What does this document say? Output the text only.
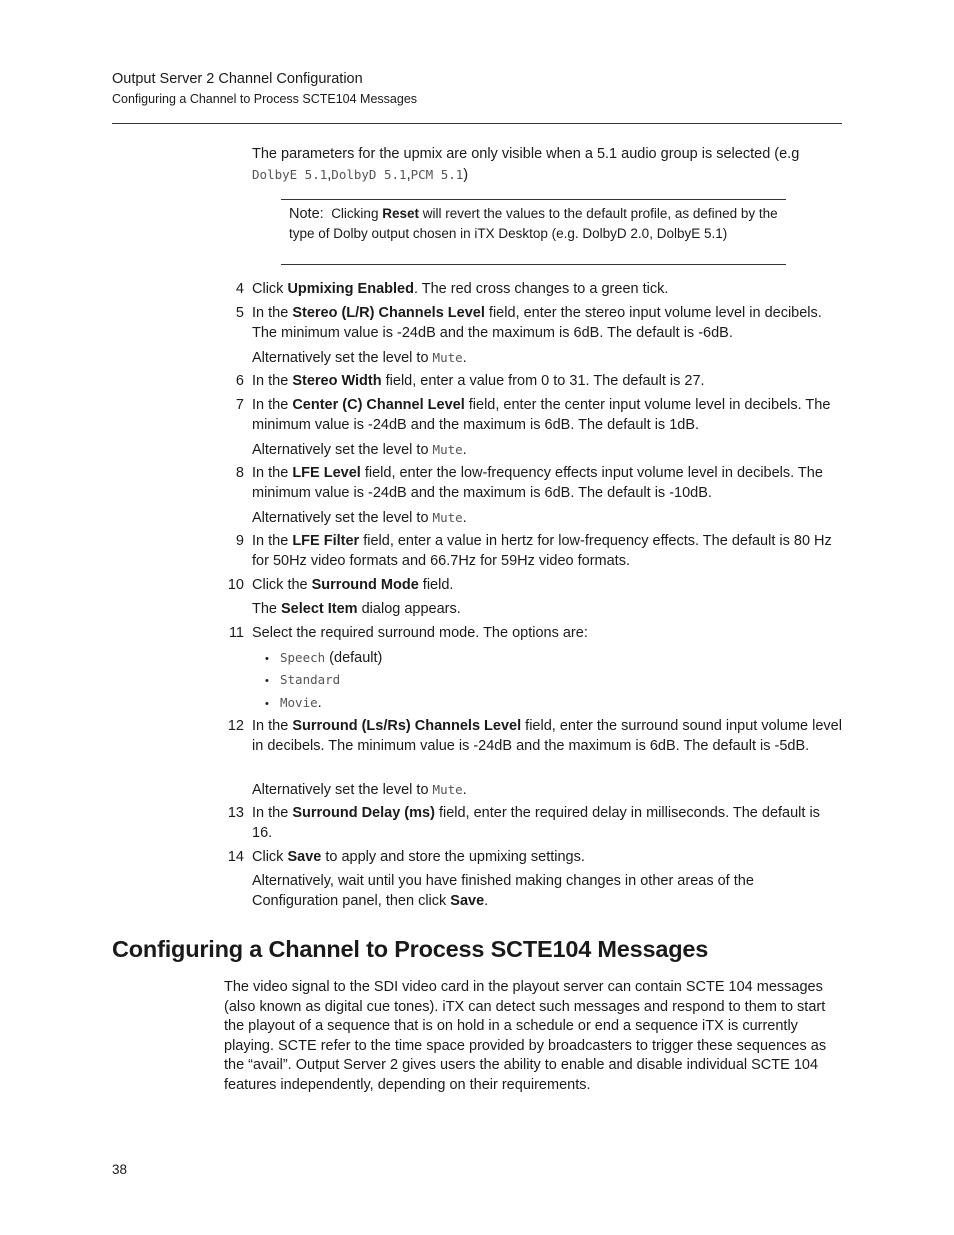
Output Server 2 Channel Configuration
Configuring a Channel to Process SCTE104 Messages
The parameters for the upmix are only visible when a 5.1 audio group is selected (e.g
DolbyE 5.1,DolbyD 5.1,PCM 5.1)
Note: Clicking Reset will revert the values to the default profile, as defined by the type of Dolby output chosen in iTX Desktop (e.g. DolbyD 2.0, DolbyE 5.1)
4 Click Upmixing Enabled. The red cross changes to a green tick.
5 In the Stereo (L/R) Channels Level field, enter the stereo input volume level in decibels. The minimum value is -24dB and the maximum is 6dB. The default is -6dB.
Alternatively set the level to Mute.
6 In the Stereo Width field, enter a value from 0 to 31. The default is 27.
7 In the Center (C) Channel Level field, enter the center input volume level in decibels. The minimum value is -24dB and the maximum is 6dB. The default is 1dB.
Alternatively set the level to Mute.
8 In the LFE Level field, enter the low-frequency effects input volume level in decibels. The minimum value is -24dB and the maximum is 6dB. The default is -10dB.
Alternatively set the level to Mute.
9 In the LFE Filter field, enter a value in hertz for low-frequency effects. The default is 80 Hz for 50Hz video formats and 66.7Hz for 59Hz video formats.
10 Click the Surround Mode field.
The Select Item dialog appears.
11 Select the required surround mode. The options are:
• Speech (default)
• Standard
• Movie.
12 In the Surround (Ls/Rs) Channels Level field, enter the surround sound input volume level in decibels. The minimum value is -24dB and the maximum is 6dB. The default is -5dB.
Alternatively set the level to Mute.
13 In the Surround Delay (ms) field, enter the required delay in milliseconds. The default is 16.
14 Click Save to apply and store the upmixing settings.
Alternatively, wait until you have finished making changes in other areas of the Configuration panel, then click Save.
Configuring a Channel to Process SCTE104 Messages
The video signal to the SDI video card in the playout server can contain SCTE 104 messages (also known as digital cue tones). iTX can detect such messages and respond to them to start the playout of a sequence that is on hold in a schedule or end a sequence iTX is currently playing. SCTE refer to the time space provided by broadcasters to trigger these sequences as the “avail”. Output Server 2 gives users the ability to enable and disable individual SCTE 104 features independently, depending on their requirements.
38
